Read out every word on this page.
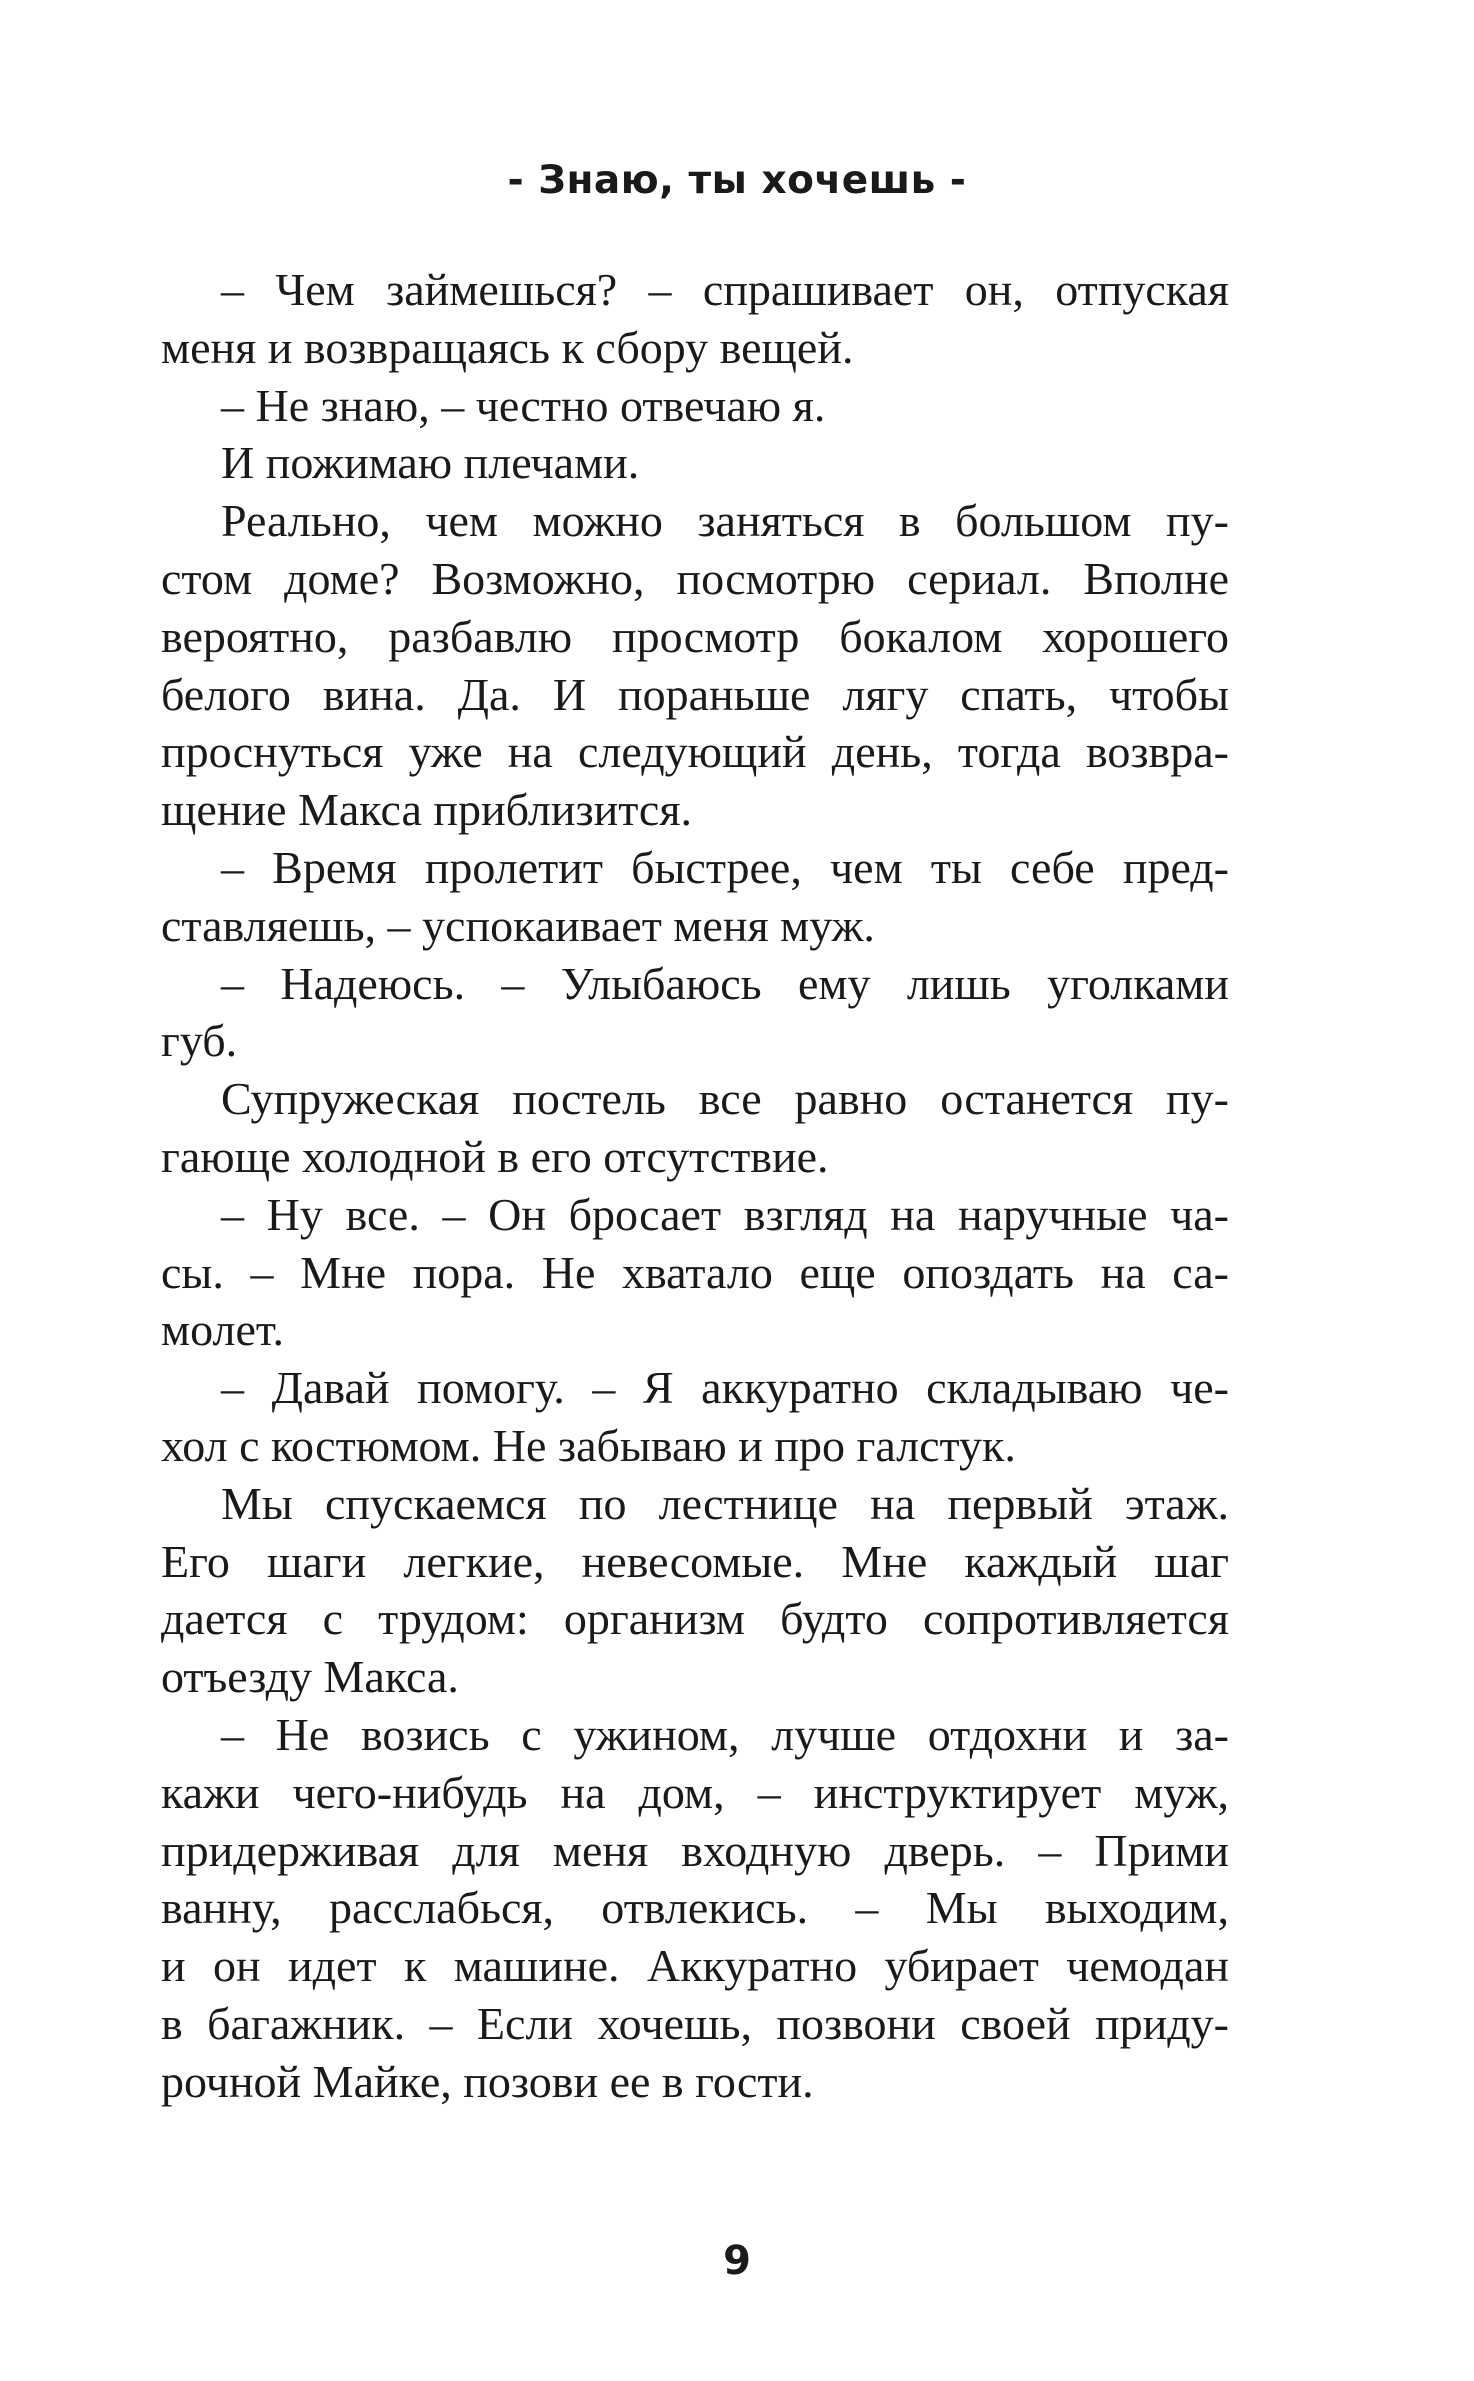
- Знаю, ты хочешь -
– Чем займешься? – спрашивает он, отпуская
меня и возвращаясь к сбору вещей.
– Не знаю, – честно отвечаю я.
И пожимаю плечами.
Реально, чем можно заняться в большом пу-
стом доме? Возможно, посмотрю сериал. Вполне
вероятно, разбавлю просмотр бокалом хорошего
белого вина. Да. И пораньше лягу спать, чтобы
проснуться уже на следующий день, тогда возвра-
щение Макса приблизится.
– Время пролетит быстрее, чем ты себе пред-
ставляешь, – успокаивает меня муж.
– Надеюсь. – Улыбаюсь ему лишь уголками
губ.
Супружеская постель все равно останется пу-
гающе холодной в его отсутствие.
– Ну все. – Он бросает взгляд на наручные ча-
сы. – Мне пора. Не хватало еще опоздать на са-
молет.
– Давай помогу. – Я аккуратно складываю че-
хол с костюмом. Не забываю и про галстук.
Мы спускаемся по лестнице на первый этаж.
Его шаги легкие, невесомые. Мне каждый шаг
дается с трудом: организм будто сопротивляется
отъезду Макса.
– Не возись с ужином, лучше отдохни и за-
кажи чего-нибудь на дом, – инструктирует муж,
придерживая для меня входную дверь. – Прими
ванну, расслабься, отвлекись. – Мы выходим,
и он идет к машине. Аккуратно убирает чемодан
в багажник. – Если хочешь, позвони своей приду-
рочной Майке, позови ее в гости.
9
